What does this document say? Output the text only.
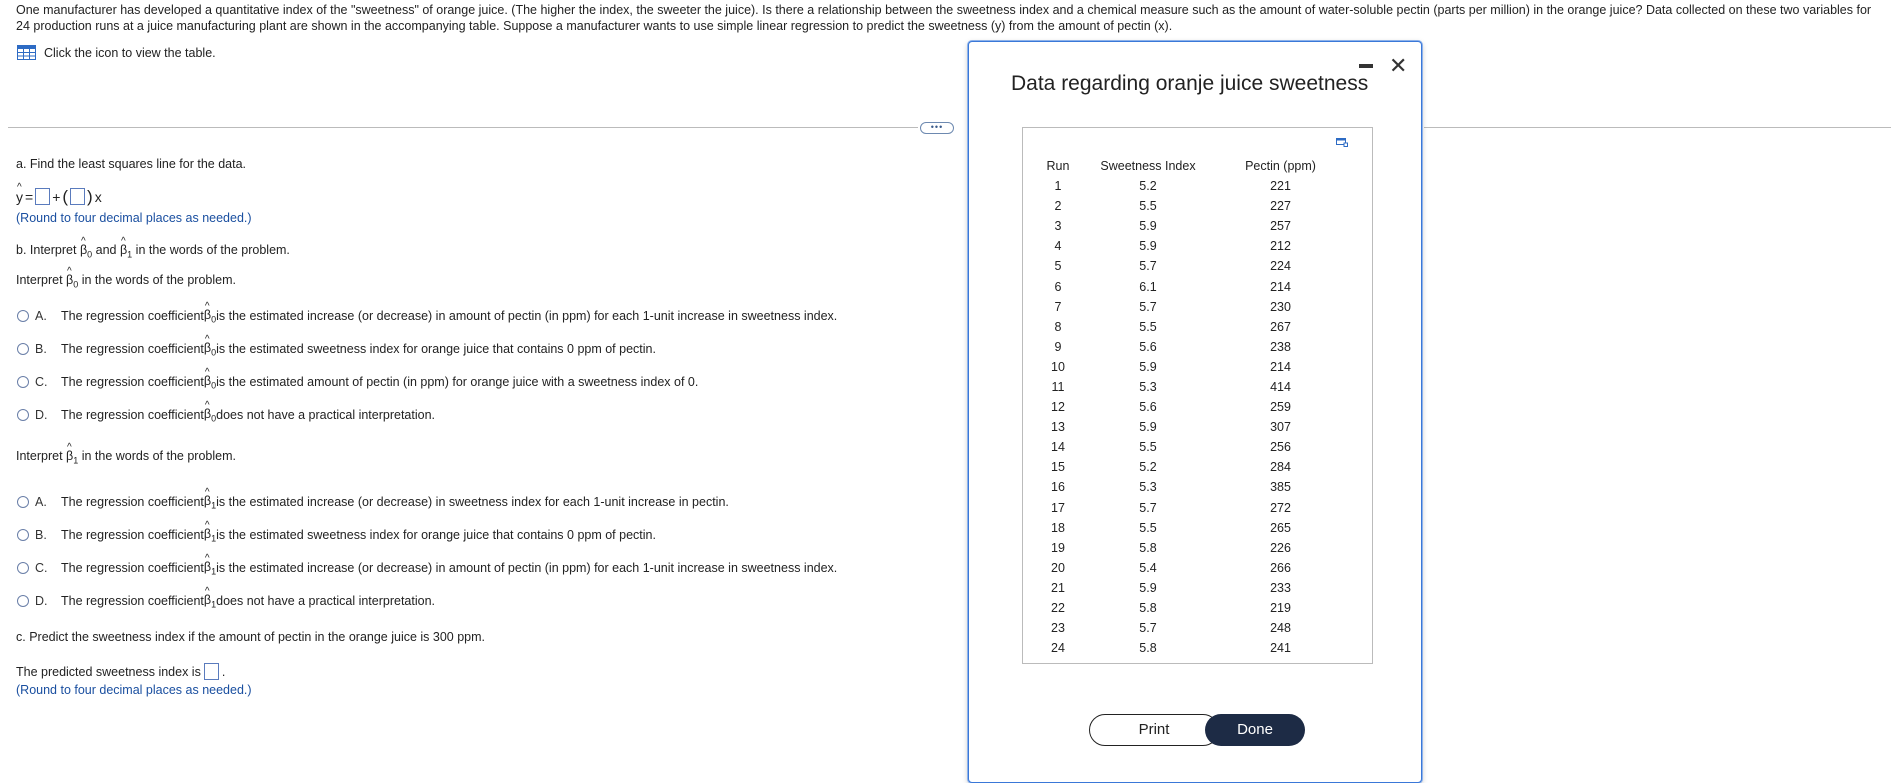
One manufacturer has developed a quantitative index of the "sweetness" of orange juice. (The higher the index, the sweeter the juice). Is there a relationship between the sweetness index and a chemical measure such as the amount of water-soluble pectin (parts per million) in the orange juice? Data collected on these two variables for 24 production runs at a juice manufacturing plant are shown in the accompanying table. Suppose a manufacturer wants to use simple linear regression to predict the sweetness (y) from the amount of pectin (x).
Click the icon to view the table.
•••
a. Find the least squares line for the data.
^ y = + ( ) x
(Round to four decimal places as needed.)
b. Interpret ^ $\beta_0$ and ^ $\beta_1$ in the words of the problem.
Interpret ^ $\beta_0$ in the words of the problem.
A.	The regression coefficient ^ $\beta_0$ is the estimated increase (or decrease) in amount of pectin (in ppm) for each 1-unit increase in sweetness index.
B.	The regression coefficient ^ $\beta_0$ is the estimated sweetness index for orange juice that contains 0 ppm of pectin.
C.	The regression coefficient ^ $\beta_0$ is the estimated amount of pectin (in ppm) for orange juice with a sweetness index of 0.
D.	The regression coefficient ^ $\beta_0$ does not have a practical interpretation.
Interpret ^ $\beta_1$ in the words of the problem.
A.	The regression coefficient ^ $\beta_1$ is the estimated increase (or decrease) in sweetness index for each 1-unit increase in pectin.
B.	The regression coefficient ^ $\beta_1$ is the estimated sweetness index for orange juice that contains 0 ppm of pectin.
C.	The regression coefficient ^ $\beta_1$ is the estimated increase (or decrease) in amount of pectin (in ppm) for each 1-unit increase in sweetness index.
D.	The regression coefficient ^ $\beta_1$ does not have a practical interpretation.
c. Predict the sweetness index if the amount of pectin in the orange juice is 300 ppm.
The predicted sweetness index is .
(Round to four decimal places as needed.)
Data regarding oranje juice sweetness
✕
Run	Sweetness Index	Pectin (ppm)
1	5.2	221
2	5.5	227
3	5.9	257
4	5.9	212
5	5.7	224
6	6.1	214
7	5.7	230
8	5.5	267
9	5.6	238
10	5.9	214
11	5.3	414
12	5.6	259
13	5.9	307
14	5.5	256
15	5.2	284
16	5.3	385
17	5.7	272
18	5.5	265
19	5.8	226
20	5.4	266
21	5.9	233
22	5.8	219
23	5.7	248
24	5.8	241
Print	Done
